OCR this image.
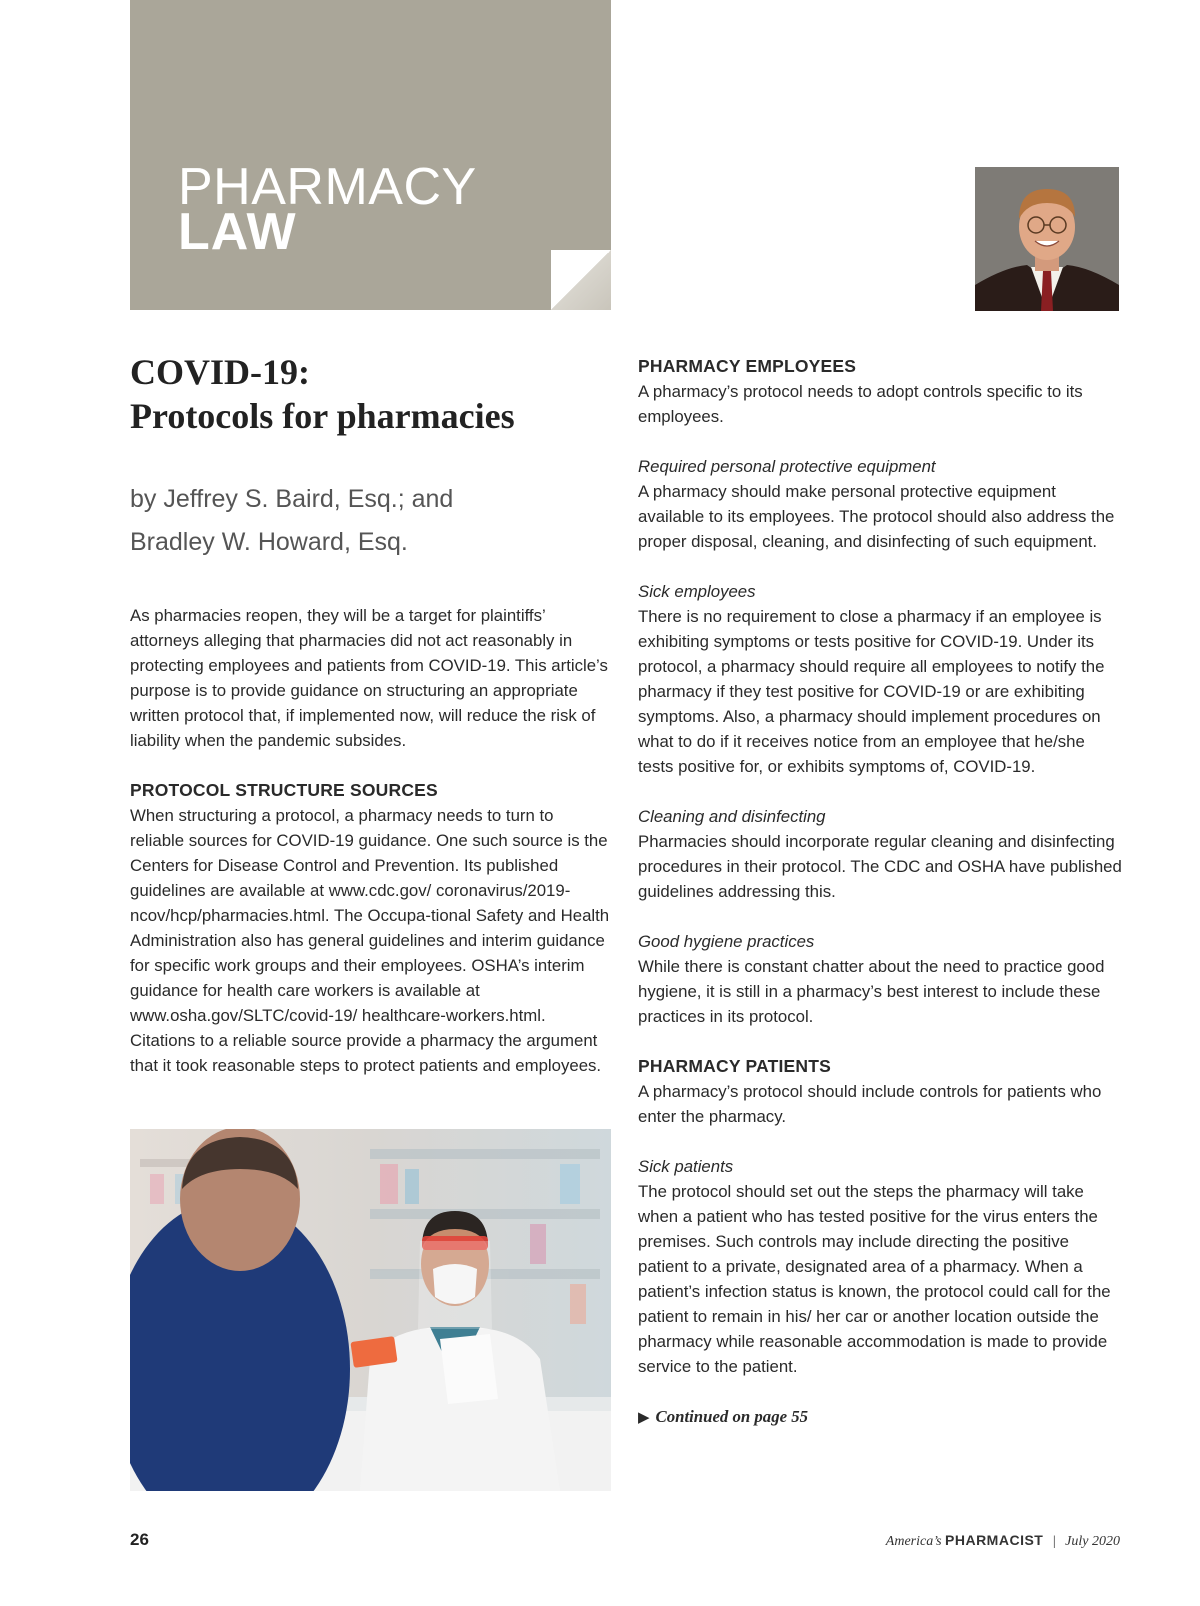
PHARMACY
LAW
COVID-19:
Protocols for pharmacies
by Jeffrey S. Baird, Esq.; and
Bradley W. Howard, Esq.

As pharmacies reopen, they will be a target for plaintiffs’ attorneys alleging that pharmacies did not act reasonably in protecting employees and patients from COVID-19. This article’s purpose is to provide guidance on structuring an appropriate written protocol that, if implemented now, will reduce the risk of liability when the pandemic subsides.

PROTOCOL STRUCTURE SOURCES

When structuring a protocol, a pharmacy needs to turn to reliable sources for COVID-19 guidance. One such source is the Centers for Disease Control and Prevention. Its published guidelines are available at www.cdc.gov/ coronavirus/2019-ncov/hcp/pharmacies.html. The Occupa-tional Safety and Health Administration also has general guidelines and interim guidance for specific work groups and their employees. OSHA’s interim guidance for health care workers is available at www.osha.gov/SLTC/covid-19/ healthcare-workers.html. Citations to a reliable source provide a pharmacy the argument that it took reasonable steps to protect patients and employees.

PHARMACY EMPLOYEES

A pharmacy’s protocol needs to adopt controls specific to its employees.

Required personal protective equipment

A pharmacy should make personal protective equipment available to its employees. The protocol should also address the proper disposal, cleaning, and disinfecting of such equipment.

Sick employees

There is no requirement to close a pharmacy if an employee is exhibiting symptoms or tests positive for COVID-19. Under its protocol, a pharmacy should require all employees to notify the pharmacy if they test positive for COVID-19 or are exhibiting symptoms. Also, a pharmacy should implement procedures on what to do if it receives notice from an employee that he/she tests positive for, or exhibits symptoms of, COVID-19.

Cleaning and disinfecting

Pharmacies should incorporate regular cleaning and disinfecting procedures in their protocol. The CDC and OSHA have published guidelines addressing this.

Good hygiene practices

While there is constant chatter about the need to practice good hygiene, it is still in a pharmacy’s best interest to include these practices in its protocol.

PHARMACY PATIENTS

A pharmacy’s protocol should include controls for patients who enter the pharmacy.

Sick patients

The protocol should set out the steps the pharmacy will take when a patient who has tested positive for the virus enters the premises. Such controls may include directing the positive patient to a private, designated area of a pharmacy. When a patient’s infection status is known, the protocol could call for the patient to remain in his/ her car or another location outside the pharmacy while reasonable accommodation is made to provide service to the patient.

▶ Continued on page 55
26	America’s PHARMACIST | July 2020
